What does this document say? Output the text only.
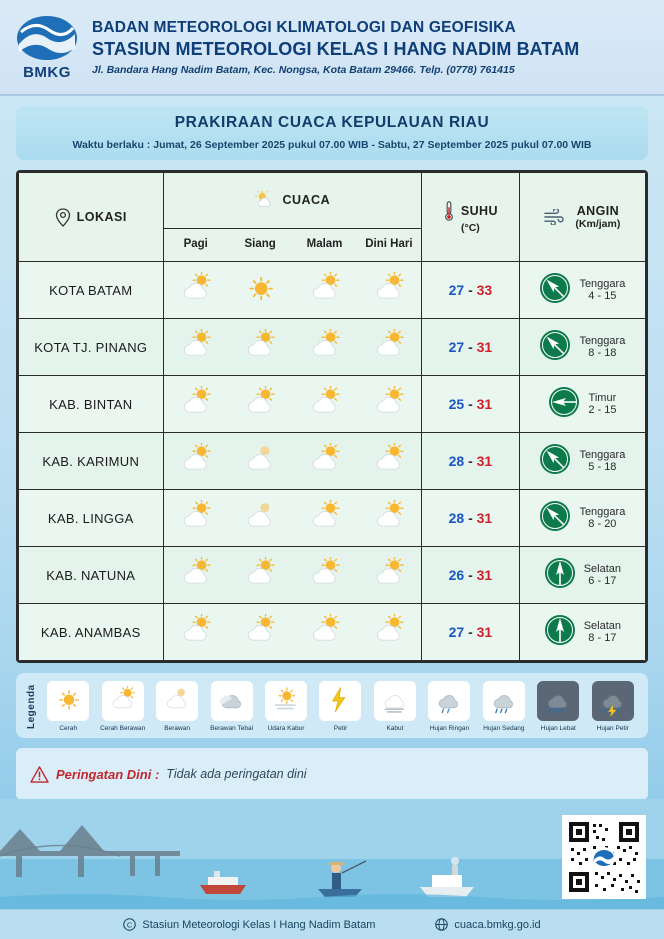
BMKG
BADAN METEOROLOGI KLIMATOLOGI DAN GEOFISIKA
STASIUN METEOROLOGI KELAS I HANG NADIM BATAM
Jl. Bandara Hang Nadim Batam, Kec. Nongsa, Kota Batam 29466. Telp. (0778) 761415
PRAKIRAAN CUACA KEPULAUAN RIAU
Waktu berlaku : Jumat, 26 September 2025 pukul 07.00 WIB - Sabtu, 27 September 2025 pukul 07.00 WIB
LOKASI

CUACA

SUHU
(°C)

ANGIN
(Km/jam)

	Pagi Siang Malam Dini Hari		

KOTA BATAM		27 - 33	Tenggara
4 - 15

KOTA TJ. PINANG		27 - 31	Tenggara
8 - 18

KAB. BINTAN		25 - 31	Timur
2 - 15

KAB. KARIMUN		28 - 31	Tenggara
5 - 18

KAB. LINGGA		28 - 31	Tenggara
8 - 20

KAB. NATUNA		26 - 31	Selatan
6 - 17

KAB. ANAMBAS		27 - 31	Selatan
8 - 17
Legenda	Cerah	Cerah Berawan	Berawan	Berawan Tebal	Udara Kabur	Petir	Kabut	Hujan Ringan	Hujan Sedang	Hujan Lebat	Hujan Petir
Peringatan Dini : Tidak ada peringatan dini
C Stasiun Meteorologi Kelas I Hang Nadim Batam	cuaca.bmkg.go.id
